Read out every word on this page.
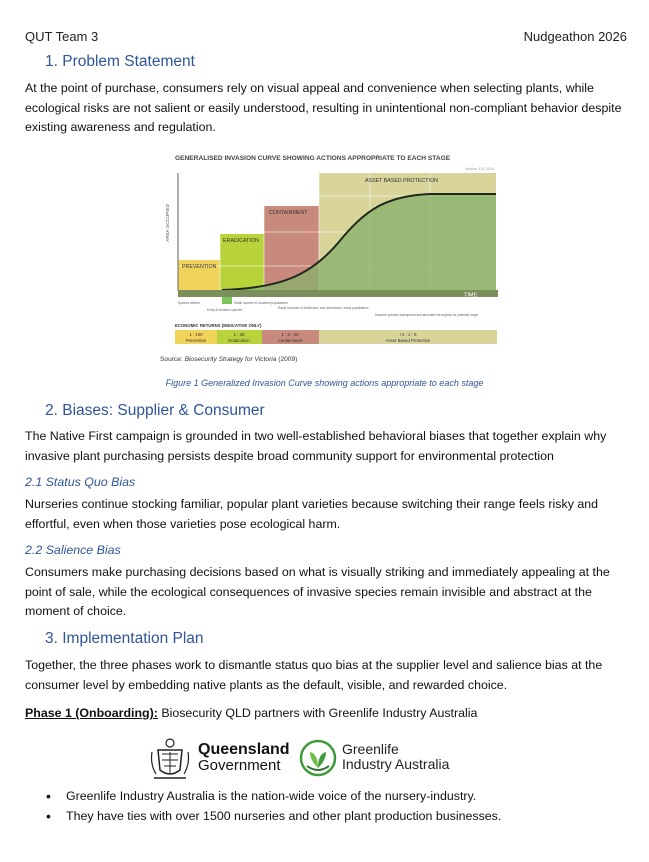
QUT Team 3	Nudgeathon 2026
1. Problem Statement
At the point of purchase, consumers rely on visual appeal and convenience when selecting plants, while ecological risks are not salient or easily understood, resulting in unintentional non-compliant behavior despite existing awareness and regulation.
GENERALISED INVASION CURVE SHOWING ACTIONS APPROPRIATE TO EACH STAGE
Version 3.0 | 2010
TIME
AREA OCCUPIED
PREVENTION
ERADICATION
CONTAINMENT
ASSET BASED PROTECTION
Species absent
Entry of invasive species
Small number of localised populations
Rapid increase in distribution and abundance, many populations
Invasive species widespread and abundant throughout its potential range
ECONOMIC RETURNS (INDICATIVE ONLY)
1 : 100
Prevention
1 : 25
Eradication
1 : 5 - 10
Containment
<1 : 1 - 5
Asset Based Protection
Source: Biosecurity Strategy for Victoria (2009)
Figure 1 Generalized Invasion Curve showing actions appropriate to each stage
2. Biases: Supplier & Consumer
The Native First campaign is grounded in two well-established behavioral biases that together explain why invasive plant purchasing persists despite broad community support for environmental protection
2.1 Status Quo Bias
Nurseries continue stocking familiar, popular plant varieties because switching their range feels risky and effortful, even when those varieties pose ecological harm.
2.2 Salience Bias
Consumers make purchasing decisions based on what is visually striking and immediately appealing at the point of sale, while the ecological consequences of invasive species remain invisible and abstract at the moment of choice.
3. Implementation Plan
Together, the three phases work to dismantle status quo bias at the supplier level and salience bias at the consumer level by embedding native plants as the default, visible, and rewarded choice.
Phase 1 (Onboarding): Biosecurity QLD partners with Greenlife Industry Australia
Queensland
Government
Greenlife
Industry Australia
• Greenlife Industry Australia is the nation-wide voice of the nursery-industry.
• They have ties with over 1500 nurseries and other plant production businesses.
